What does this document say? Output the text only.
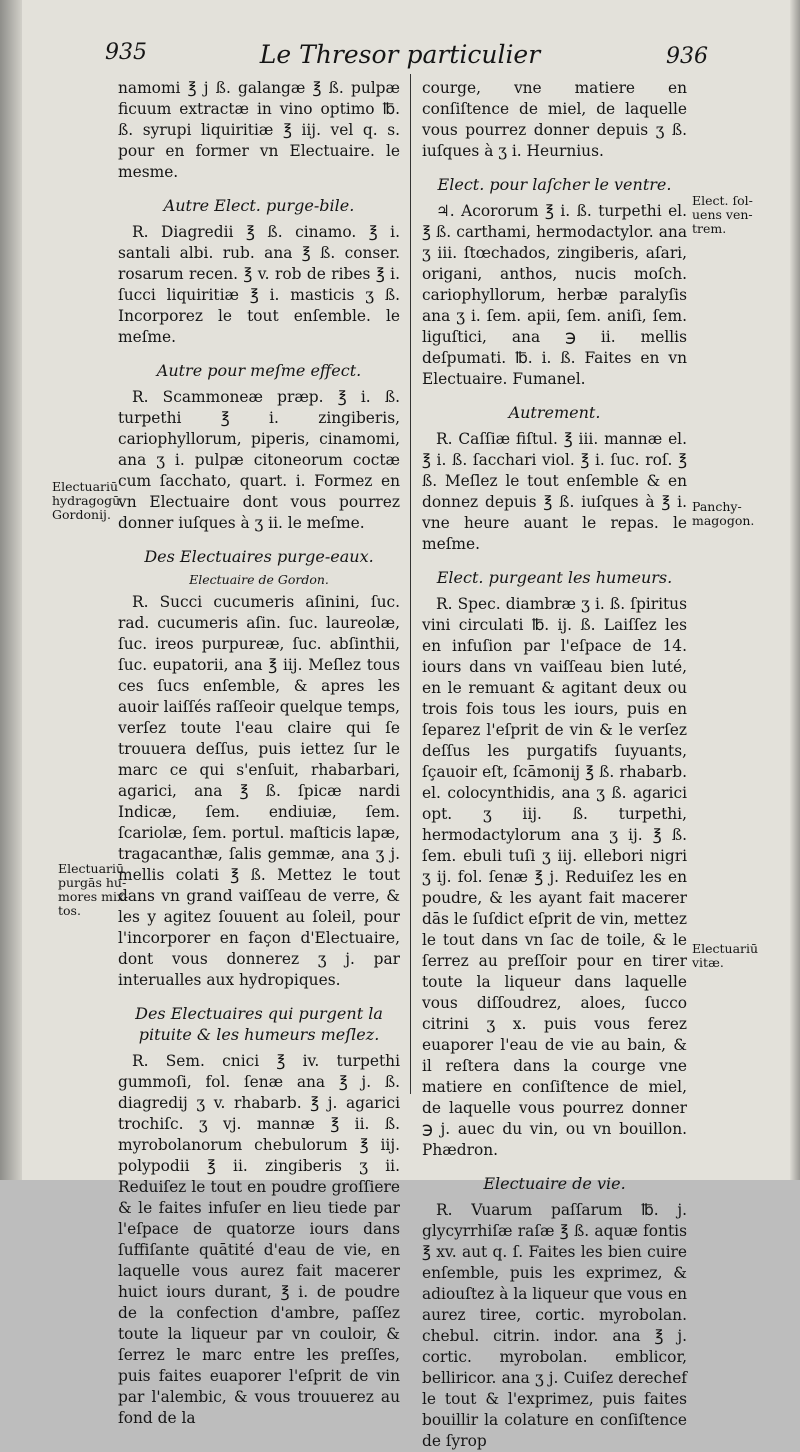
935	Le Thresor particulier	936

namomi ℥ j ß. galangæ ℥ ß. pulpæ ficuum extractæ in vino optimo ℔. ß. syrupi liquiritiæ ℥ iij. vel q. s. pour en former vn Electuaire. le mesme.

Autre Elect. purge-bile.

R. Diagredii ℥ ß. cinamo. ℥ i. santali albi. rub. ana ℥ ß. conser. rosarum recen. ℥ v. rob de ribes ℥ i. ſucci liquiritiæ ℥ i. masticis ʒ ß. Incorporez le tout enſemble. le meſme.

Autre pour meſme effect.

R. Scammoneæ præp. ℥ i. ß. turpethi ℥ i. zingiberis, cariophyllorum, piperis, cinamomi, ana ʒ i. pulpæ citoneorum coctæ cum ſacchato, quart. i. Formez en vn Electuaire dont vous pourrez donner iuſques à ʒ ii. le meſme.

Des Electuaires purge-eaux.
Electuaire de Gordon.

R. Succi cucumeris aſinini, ſuc. rad. cucumeris aſin. ſuc. laureolæ, ſuc. ireos purpureæ, ſuc. abſinthii, ſuc. eupatorii, ana ℥ iij. Meſlez tous ces ſucs enſemble, & apres les auoir laiſſés raſſeoir quelque temps, verſez toute l'eau claire qui ſe trouuera deſſus, puis iettez ſur le marc ce qui s'enſuit, rhabarbari, agarici, ana ℥ ß. ſpicæ nardi Indicæ, ſem. endiuiæ, ſem. ſcariolæ, ſem. portul. maſticis lapæ, tragacanthæ, ſalis gemmæ, ana ʒ j. mellis colati ℥ ß. Mettez le tout dans vn grand vaiſſeau de verre, & les y agitez ſouuent au ſoleil, pour l'incorporer en façon d'Electuaire, dont vous donnerez ʒ j. par interualles aux hydropiques.

Des Electuaires qui purgent la pituite & les humeurs meſlez.

R. Sem. cnici ℥ iv. turpethi gummoſi, fol. ſenæ ana ℥ j. ß. diagredij ʒ v. rhabarb. ℥ j. agarici trochiſc. ʒ vj. mannæ ℥ ii. ß. myrobolanorum chebulorum ℥ iij. polypodii ℥ ii. zingiberis ʒ ii. Reduiſez le tout en poudre groſſiere & le faites infuſer en lieu tiede par l'eſpace de quatorze iours dans ſuffiſante quātité d'eau de vie, en laquelle vous aurez fait macerer huict iours durant, ℥ i. de poudre de la confection d'ambre, paſſez toute la liqueur par vn couloir, & ſerrez le marc entre les preſſes, puis faites euaporer l'eſprit de vin par l'alembic, & vous trouuerez au fond de la

courge, vne matiere en conſiſtence de miel, de laquelle vous pourrez donner depuis ʒ ß. iuſques à ʒ i. Heurnius.

Elect. pour laſcher le ventre.

♃. Acororum ℥ i. ß. turpethi el. ℥ ß. carthami, hermodactylor. ana ʒ iii. ſtœchados, zingiberis, aſari, origani, anthos, nucis moſch. cariophyllorum, herbæ paralyſis ana ʒ i. ſem. apii, ſem. aniſi, ſem. liguſtici, ana ℈ ii. mellis deſpumati. ℔. i. ß. Faites en vn Electuaire. Fumanel.

Autrement.

R. Caſſiæ fiſtul. ℥ iii. mannæ el. ℥ i. ß. ſacchari viol. ℥ i. ſuc. roſ. ℥ ß. Meſlez le tout enſemble & en donnez depuis ℥ ß. iuſques à ℥ i. vne heure auant le repas. le meſme.

Elect. purgeant les humeurs.

R. Spec. diambræ ʒ i. ß. ſpiritus vini circulati ℔. ij. ß. Laiſſez les en infuſion par l'eſpace de 14. iours dans vn vaiſſeau bien luté, en le remuant & agitant deux ou trois fois tous les iours, puis en ſeparez l'eſprit de vin & le verſez deſſus les purgatifs ſuyuants, ſçauoir eſt, ſcāmonij ℥ ß. rhabarb. el. colocynthidis, ana ʒ ß. agarici opt. ʒ iij. ß. turpethi, hermodactylorum ana ʒ ij. ℥ ß. ſem. ebuli tuſi ʒ iij. ellebori nigri ʒ ij. fol. ſenæ ℥ j. Reduiſez les en poudre, & les ayant fait macerer dās le ſuſdict eſprit de vin, mettez le tout dans vn ſac de toile, & le ſerrez au preſſoir pour en tirer toute la liqueur dans laquelle vous diſſoudrez, aloes, ſucco citrini ʒ x. puis vous ferez euaporer l'eau de vie au bain, & il reſtera dans la courge vne matiere en conſiſtence de miel, de laquelle vous pourrez donner ℈ j. auec du vin, ou vn bouillon. Phædron.

Electuaire de vie.

R. Vuarum paſſarum ℔. j. glycyrrhiſæ raſæ ℥ ß. aquæ fontis ℥ xv. aut q. ſ. Faites les bien cuire enſemble, puis les exprimez, & adiouſtez à la liqueur que vous en aurez tiree, cortic. myrobolan. chebul. citrin. indor. ana ℥ j. cortic. myrobolan. emblicor, belliricor. ana ʒ j. Cuiſez derechef le tout & l'exprimez, puis faites bouillir la colature en conſiſtence de ſyrop

Electuariū
hydragogū
Gordonij.
Electuariū
purgās hu-
mores mix-
tos.
Elect. ſol-
uens ven-
trem.
Panchy-
magogon.
Electuariū
vitæ.
